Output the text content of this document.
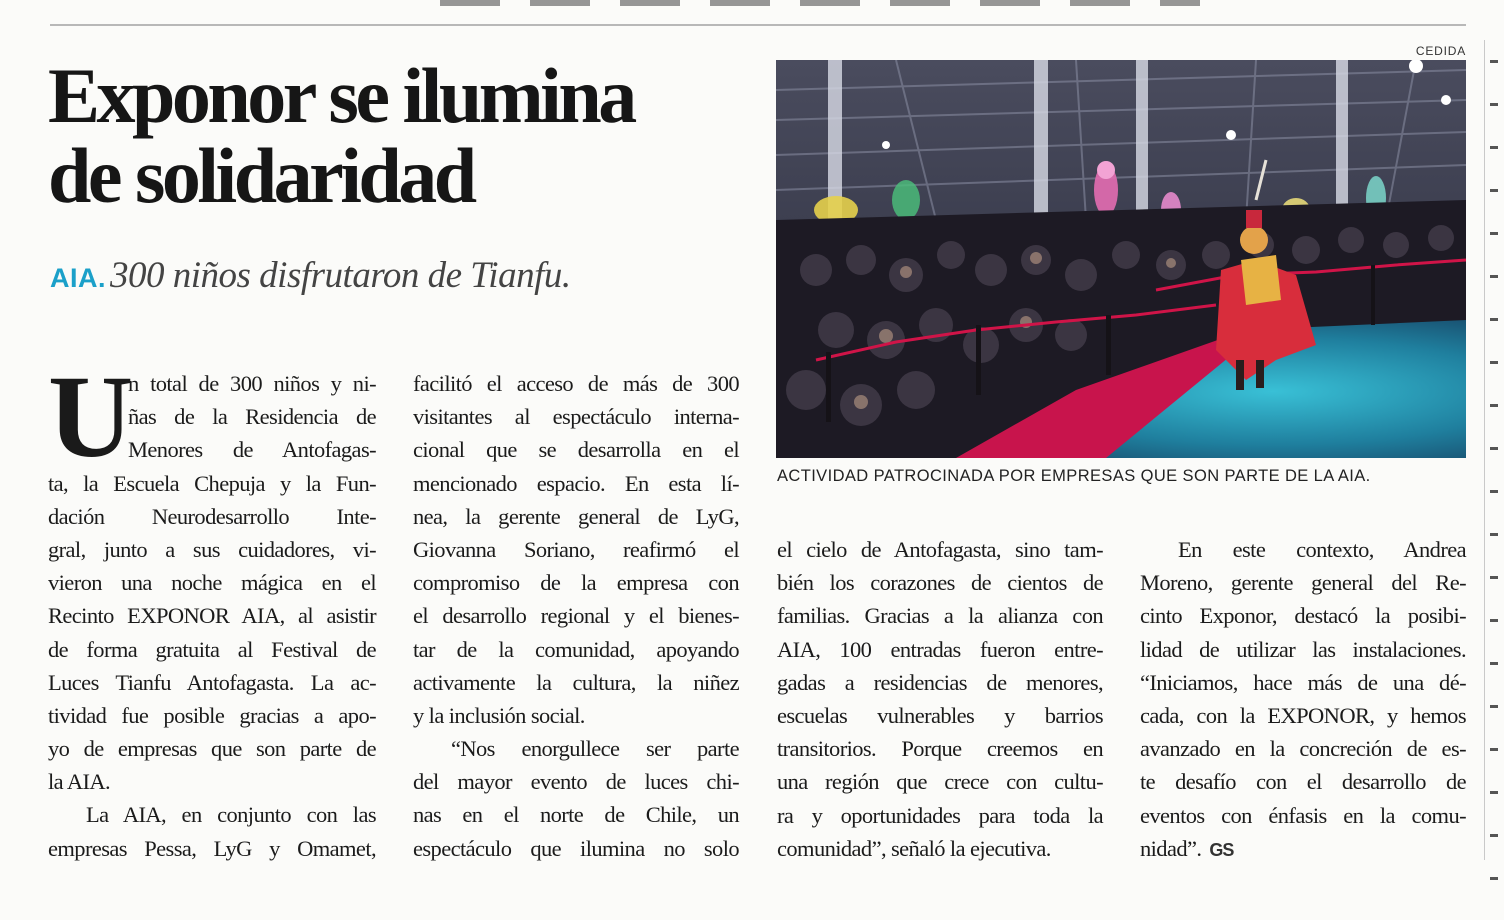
Exponor se ilumina
de solidaridad
AIA. 300 niños disfrutaron de Tianfu.
CEDIDA
ACTIVIDAD PATROCINADA POR EMPRESAS QUE SON PARTE DE LA AIA.
U
n total de 300 niños y ni-
ñas de la Residencia de
Menores de Antofagas-
ta, la Escuela Chepuja y la Fun-
dación Neurodesarrollo Inte-
gral, junto a sus cuidadores, vi-
vieron una noche mágica en el
Recinto EXPONOR AIA, al asistir
de forma gratuita al Festival de
Luces Tianfu Antofagasta. La ac-
tividad fue posible gracias a apo-
yo de empresas que son parte de
la AIA.
La AIA, en conjunto con las
empresas Pessa, LyG y Omamet,
facilitó el acceso de más de 300
visitantes al espectáculo interna-
cional que se desarrolla en el
mencionado espacio. En esta lí-
nea, la gerente general de LyG,
Giovanna Soriano, reafirmó el
compromiso de la empresa con
el desarrollo regional y el bienes-
tar de la comunidad, apoyando
activamente la cultura, la niñez
y la inclusión social.
“Nos enorgullece ser parte
del mayor evento de luces chi-
nas en el norte de Chile, un
espectáculo que ilumina no solo
el cielo de Antofagasta, sino tam-
bién los corazones de cientos de
familias. Gracias a la alianza con
AIA, 100 entradas fueron entre-
gadas a residencias de menores,
escuelas vulnerables y barrios
transitorios. Porque creemos en
una región que crece con cultu-
ra y oportunidades para toda la
comunidad”, señaló la ejecutiva.
En este contexto, Andrea
Moreno, gerente general del Re-
cinto Exponor, destacó la posibi-
lidad de utilizar las instalaciones.
“Iniciamos, hace más de una dé-
cada, con la EXPONOR, y hemos
avanzado en la concreción de es-
te desafío con el desarrollo de
eventos con énfasis en la comu-
nidad”. GS
